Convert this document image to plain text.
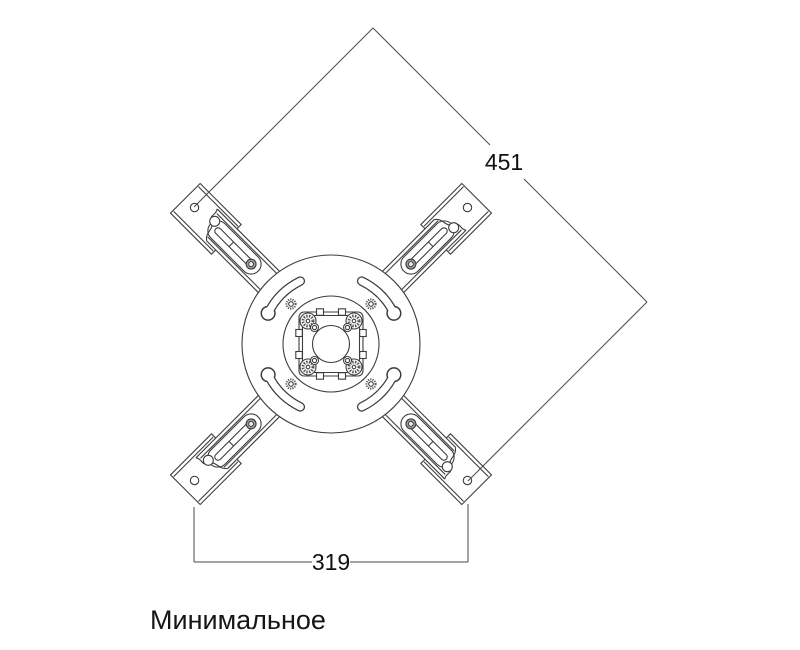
451
319
Минимальное
